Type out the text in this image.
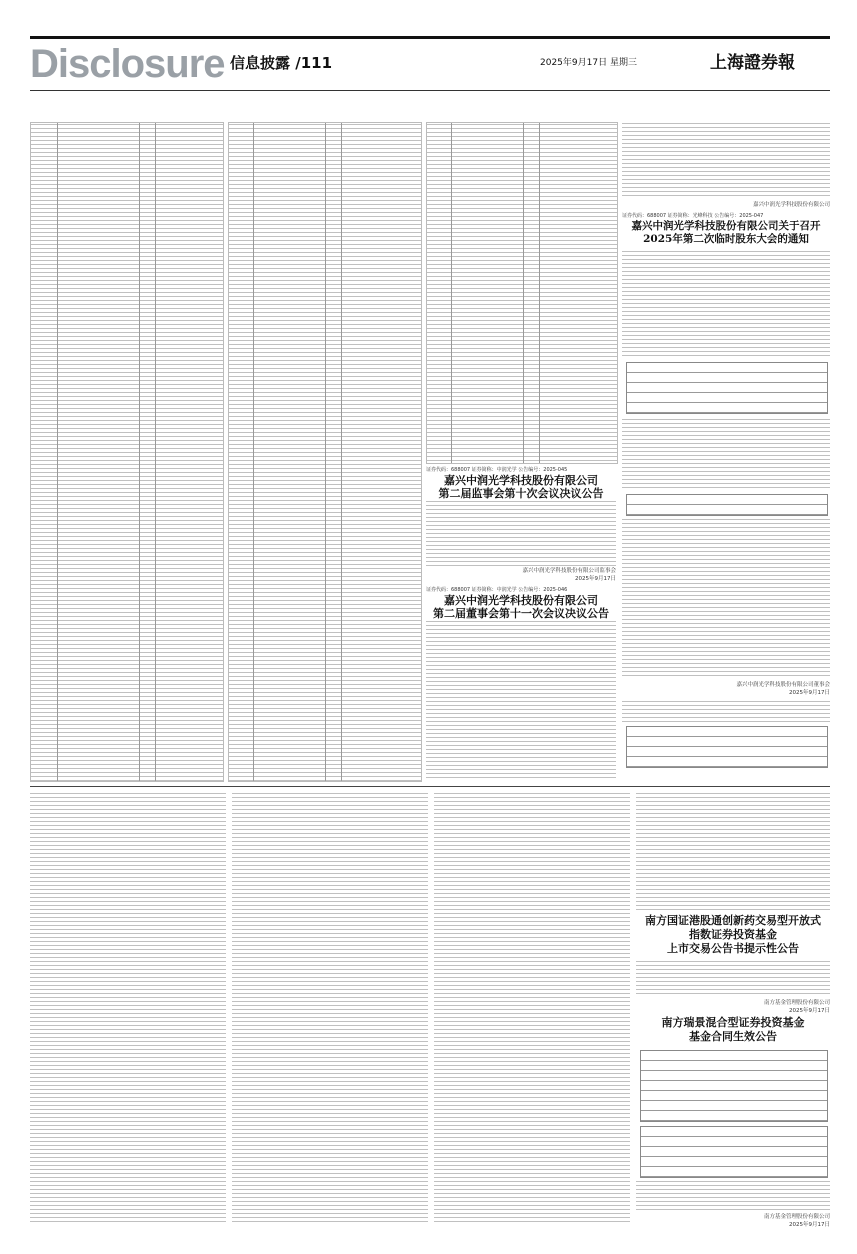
Disclosure 信息披露 /111	2025年9月17日 星期三	上海證券報
证券代码：688007 证券简称：中润光学 公告编号：2025-045
嘉兴中润光学科技股份有限公司
第二届监事会第十次会议决议公告
嘉兴中润光学科技股份有限公司监事会
2025年9月17日
证券代码：688007 证券简称：中润光学 公告编号：2025-046
嘉兴中润光学科技股份有限公司
第二届董事会第十一次会议决议公告
嘉兴中润光学科技股份有限公司
证券代码：688007 证券简称：光峰科技 公告编号：2025-047
嘉兴中润光学科技股份有限公司关于召开
2025年第二次临时股东大会的通知
嘉兴中润光学科技股份有限公司董事会
2025年9月17日
南方国证港股通创新药交易型开放式
指数证券投资基金
上市交易公告书提示性公告
南方基金管理股份有限公司
2025年9月17日
南方瑞景混合型证券投资基金
基金合同生效公告
南方基金管理股份有限公司
2025年9月17日
